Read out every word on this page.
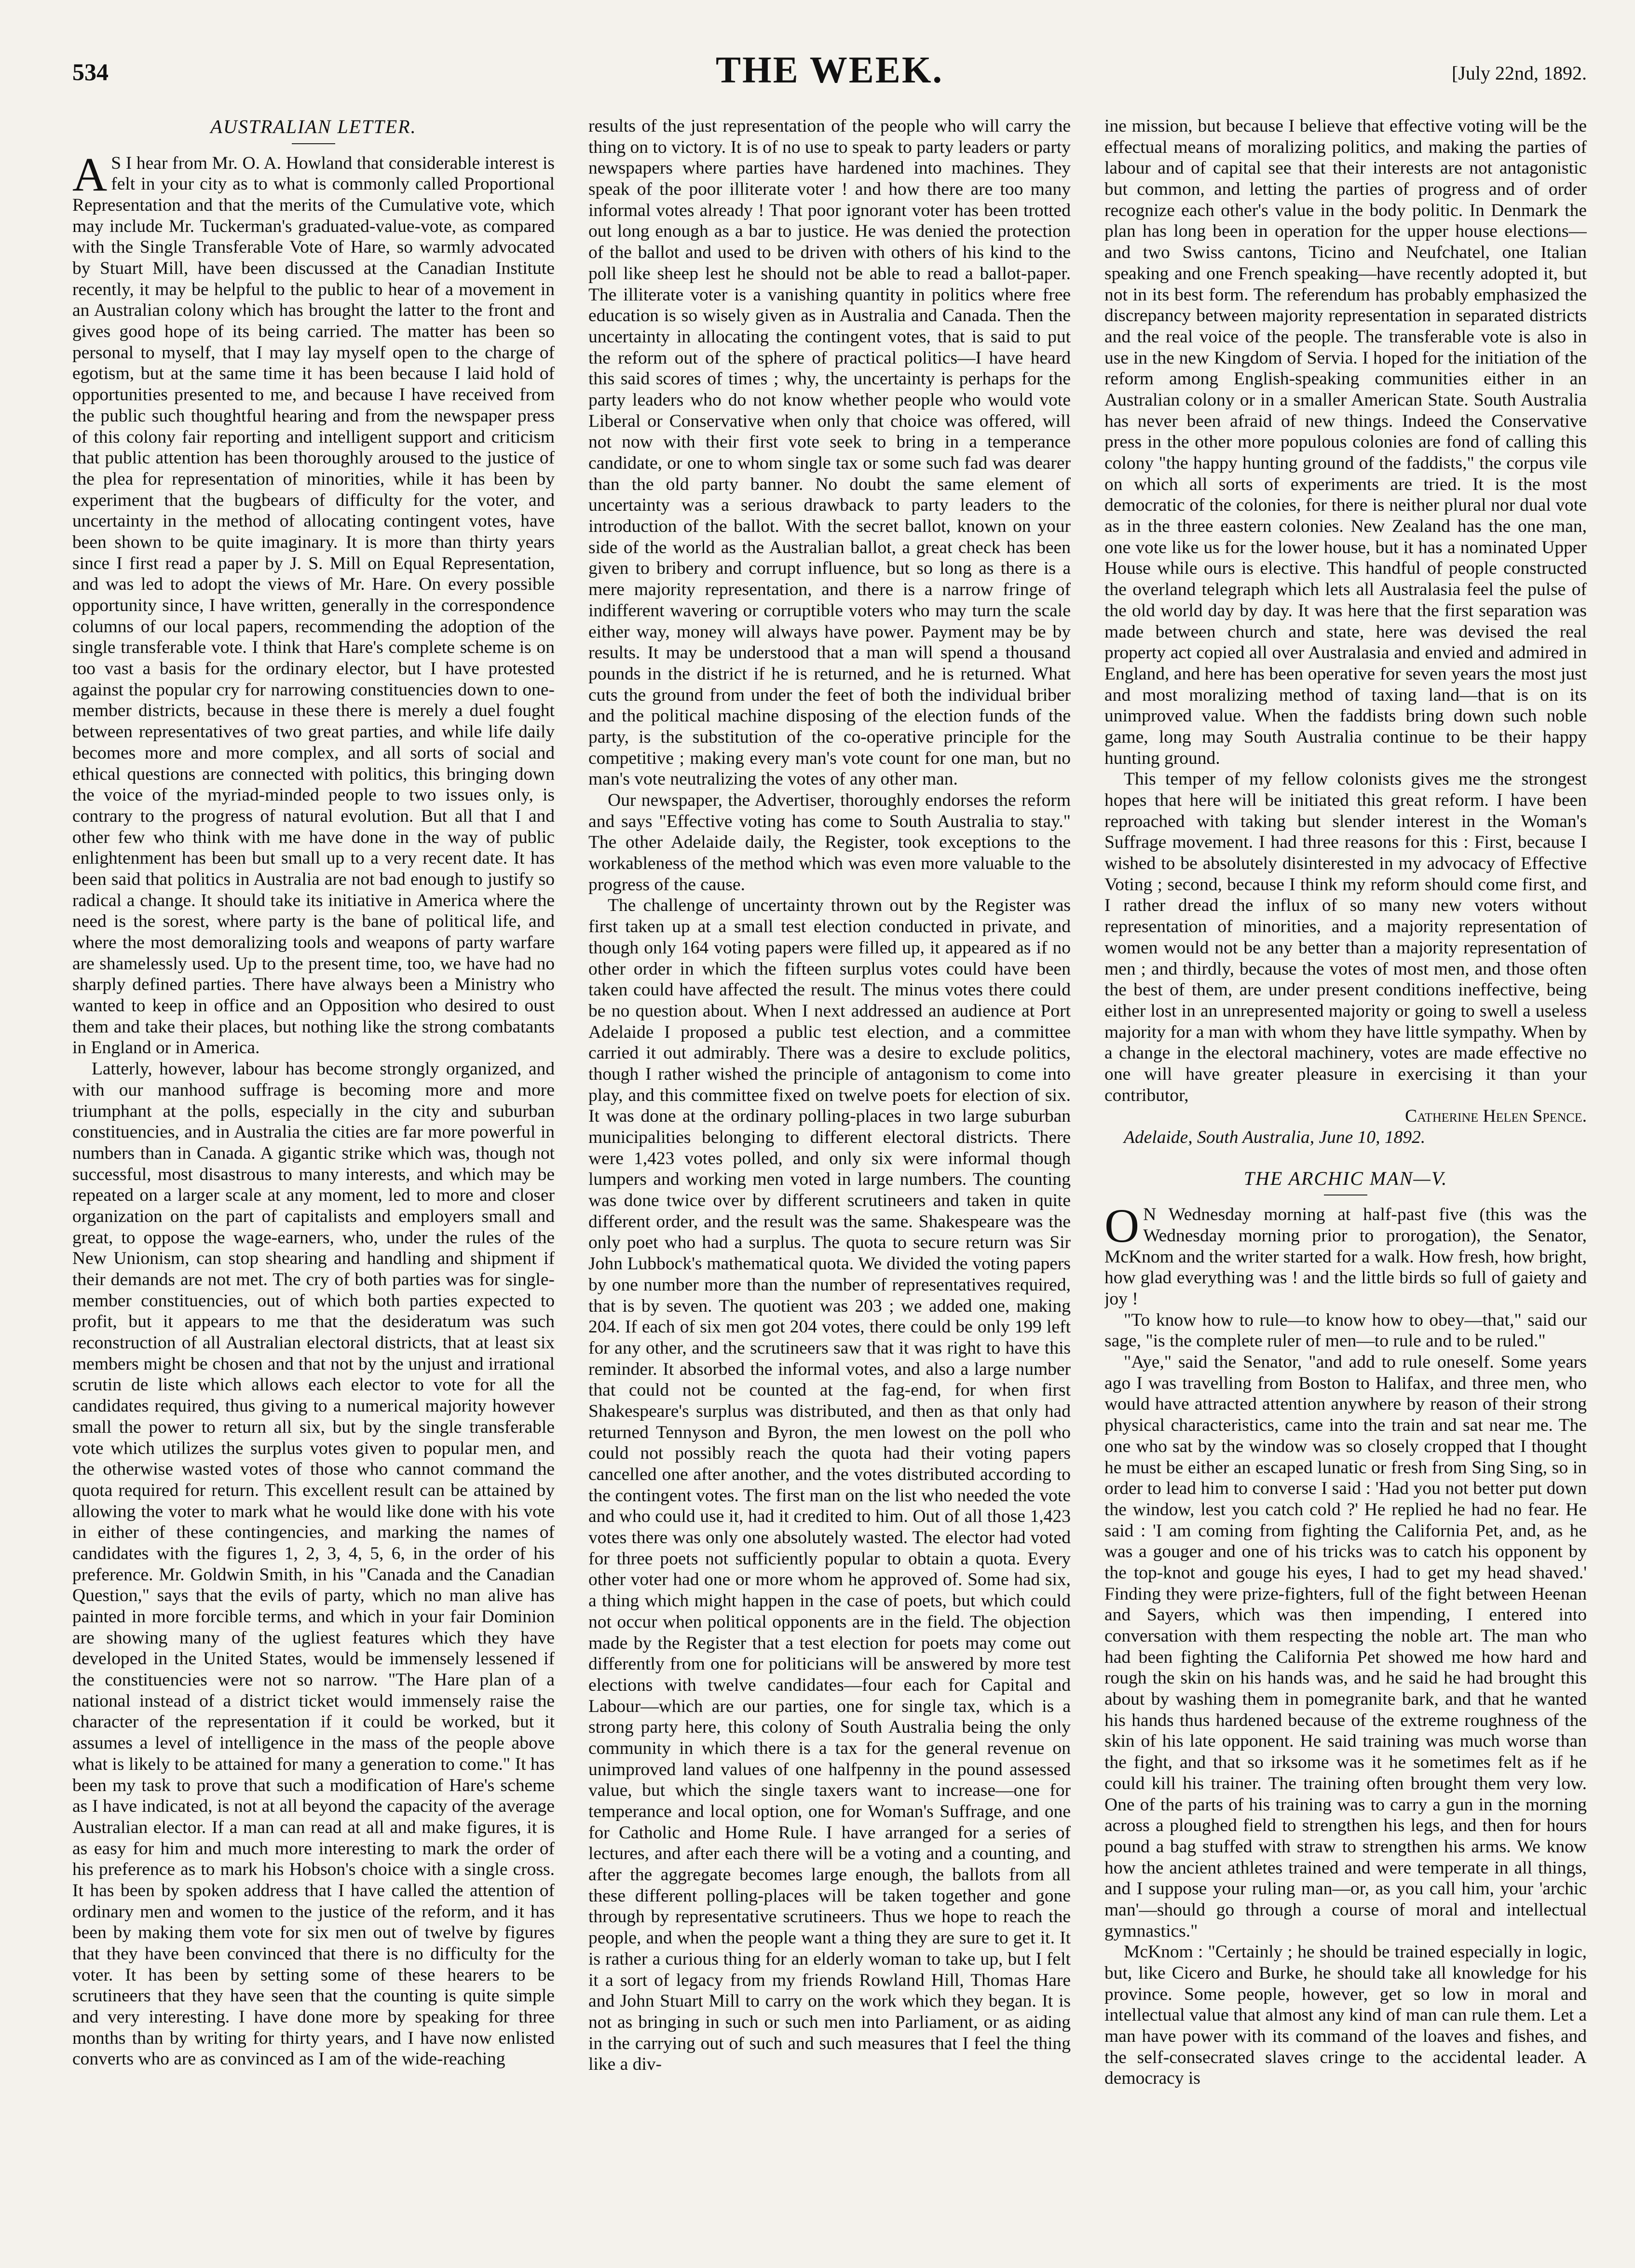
534	THE WEEK.	[July 22nd, 1892.
AUSTRALIAN LETTER.

A S I hear from Mr. O. A. Howland that considerable interest is felt in your city as to what is commonly called Proportional Representation and that the merits of the Cumulative vote, which may include Mr. Tuckerman's graduated-value-vote, as compared with the Single Transferable Vote of Hare, so warmly advocated by Stuart Mill, have been discussed at the Canadian Institute recently, it may be helpful to the public to hear of a movement in an Australian colony which has brought the latter to the front and gives good hope of its being carried. The matter has been so personal to myself, that I may lay myself open to the charge of egotism, but at the same time it has been because I laid hold of opportunities presented to me, and because I have received from the public such thoughtful hearing and from the newspaper press of this colony fair reporting and intelligent support and criticism that public attention has been thoroughly aroused to the justice of the plea for representation of minorities, while it has been by experiment that the bugbears of difficulty for the voter, and uncertainty in the method of allocating contingent votes, have been shown to be quite imaginary. It is more than thirty years since I first read a paper by J. S. Mill on Equal Representation, and was led to adopt the views of Mr. Hare. On every possible opportunity since, I have written, generally in the correspondence columns of our local papers, recommending the adoption of the single transferable vote. I think that Hare's complete scheme is on too vast a basis for the ordinary elector, but I have protested against the popular cry for narrowing constituencies down to one-member districts, because in these there is merely a duel fought between representatives of two great parties, and while life daily becomes more and more complex, and all sorts of social and ethical questions are connected with politics, this bringing down the voice of the myriad-minded people to two issues only, is contrary to the progress of natural evolution. But all that I and other few who think with me have done in the way of public enlightenment has been but small up to a very recent date. It has been said that politics in Australia are not bad enough to justify so radical a change. It should take its initiative in America where the need is the sorest, where party is the bane of political life, and where the most demoralizing tools and weapons of party warfare are shamelessly used. Up to the present time, too, we have had no sharply defined parties. There have always been a Ministry who wanted to keep in office and an Opposition who desired to oust them and take their places, but nothing like the strong combatants in England or in America.

Latterly, however, labour has become strongly organized, and with our manhood suffrage is becoming more and more triumphant at the polls, especially in the city and suburban constituencies, and in Australia the cities are far more powerful in numbers than in Canada. A gigantic strike which was, though not successful, most disastrous to many interests, and which may be repeated on a larger scale at any moment, led to more and closer organization on the part of capitalists and employers small and great, to oppose the wage-earners, who, under the rules of the New Unionism, can stop shearing and handling and shipment if their demands are not met. The cry of both parties was for single-member constituencies, out of which both parties expected to profit, but it appears to me that the desideratum was such reconstruction of all Australian electoral districts, that at least six members might be chosen and that not by the unjust and irrational scrutin de liste which allows each elector to vote for all the candidates required, thus giving to a numerical majority however small the power to return all six, but by the single transferable vote which utilizes the surplus votes given to popular men, and the otherwise wasted votes of those who cannot command the quota required for return. This excellent result can be attained by allowing the voter to mark what he would like done with his vote in either of these contingencies, and marking the names of candidates with the figures 1, 2, 3, 4, 5, 6, in the order of his preference. Mr. Goldwin Smith, in his "Canada and the Canadian Question," says that the evils of party, which no man alive has painted in more forcible terms, and which in your fair Dominion are showing many of the ugliest features which they have developed in the United States, would be immensely lessened if the constituencies were not so narrow. "The Hare plan of a national instead of a district ticket would immensely raise the character of the representation if it could be worked, but it assumes a level of intelligence in the mass of the people above what is likely to be attained for many a generation to come." It has been my task to prove that such a modification of Hare's scheme as I have indicated, is not at all beyond the capacity of the average Australian elector. If a man can read at all and make figures, it is as easy for him and much more interesting to mark the order of his preference as to mark his Hobson's choice with a single cross. It has been by spoken address that I have called the attention of ordinary men and women to the justice of the reform, and it has been by making them vote for six men out of twelve by figures that they have been convinced that there is no difficulty for the voter. It has been by setting some of these hearers to be scrutineers that they have seen that the counting is quite simple and very interesting. I have done more by speaking for three months than by writing for thirty years, and I have now enlisted converts who are as convinced as I am of the wide-reaching

results of the just representation of the people who will carry the thing on to victory. It is of no use to speak to party leaders or party newspapers where parties have hardened into machines. They speak of the poor illiterate voter ! and how there are too many informal votes already ! That poor ignorant voter has been trotted out long enough as a bar to justice. He was denied the protection of the ballot and used to be driven with others of his kind to the poll like sheep lest he should not be able to read a ballot-paper. The illiterate voter is a vanishing quantity in politics where free education is so wisely given as in Australia and Canada. Then the uncertainty in allocating the contingent votes, that is said to put the reform out of the sphere of practical politics—I have heard this said scores of times ; why, the uncertainty is perhaps for the party leaders who do not know whether people who would vote Liberal or Conservative when only that choice was offered, will not now with their first vote seek to bring in a temperance candidate, or one to whom single tax or some such fad was dearer than the old party banner. No doubt the same element of uncertainty was a serious drawback to party leaders to the introduction of the ballot. With the secret ballot, known on your side of the world as the Australian ballot, a great check has been given to bribery and corrupt influence, but so long as there is a mere majority representation, and there is a narrow fringe of indifferent wavering or corruptible voters who may turn the scale either way, money will always have power. Payment may be by results. It may be understood that a man will spend a thousand pounds in the district if he is returned, and he is returned. What cuts the ground from under the feet of both the individual briber and the political machine disposing of the election funds of the party, is the substitution of the co-operative principle for the competitive ; making every man's vote count for one man, but no man's vote neutralizing the votes of any other man.

Our newspaper, the Advertiser, thoroughly endorses the reform and says "Effective voting has come to South Australia to stay." The other Adelaide daily, the Register, took exceptions to the workableness of the method which was even more valuable to the progress of the cause.

The challenge of uncertainty thrown out by the Register was first taken up at a small test election conducted in private, and though only 164 voting papers were filled up, it appeared as if no other order in which the fifteen surplus votes could have been taken could have affected the result. The minus votes there could be no question about. When I next addressed an audience at Port Adelaide I proposed a public test election, and a committee carried it out admirably. There was a desire to exclude politics, though I rather wished the principle of antagonism to come into play, and this committee fixed on twelve poets for election of six. It was done at the ordinary polling-places in two large suburban municipalities belonging to different electoral districts. There were 1,423 votes polled, and only six were informal though lumpers and working men voted in large numbers. The counting was done twice over by different scrutineers and taken in quite different order, and the result was the same. Shakespeare was the only poet who had a surplus. The quota to secure return was Sir John Lubbock's mathematical quota. We divided the voting papers by one number more than the number of representatives required, that is by seven. The quotient was 203 ; we added one, making 204. If each of six men got 204 votes, there could be only 199 left for any other, and the scrutineers saw that it was right to have this reminder. It absorbed the informal votes, and also a large number that could not be counted at the fag-end, for when first Shakespeare's surplus was distributed, and then as that only had returned Tennyson and Byron, the men lowest on the poll who could not possibly reach the quota had their voting papers cancelled one after another, and the votes distributed according to the contingent votes. The first man on the list who needed the vote and who could use it, had it credited to him. Out of all those 1,423 votes there was only one absolutely wasted. The elector had voted for three poets not sufficiently popular to obtain a quota. Every other voter had one or more whom he approved of. Some had six, a thing which might happen in the case of poets, but which could not occur when political opponents are in the field. The objection made by the Register that a test election for poets may come out differently from one for politicians will be answered by more test elections with twelve candidates—four each for Capital and Labour—which are our parties, one for single tax, which is a strong party here, this colony of South Australia being the only community in which there is a tax for the general revenue on unimproved land values of one halfpenny in the pound assessed value, but which the single taxers want to increase—one for temperance and local option, one for Woman's Suffrage, and one for Catholic and Home Rule. I have arranged for a series of lectures, and after each there will be a voting and a counting, and after the aggregate becomes large enough, the ballots from all these different polling-places will be taken together and gone through by representative scrutineers. Thus we hope to reach the people, and when the people want a thing they are sure to get it. It is rather a curious thing for an elderly woman to take up, but I felt it a sort of legacy from my friends Rowland Hill, Thomas Hare and John Stuart Mill to carry on the work which they began. It is not as bringing in such or such men into Parliament, or as aiding in the carrying out of such and such measures that I feel the thing like a div-

ine mission, but because I believe that effective voting will be the effectual means of moralizing politics, and making the parties of labour and of capital see that their interests are not antagonistic but common, and letting the parties of progress and of order recognize each other's value in the body politic. In Denmark the plan has long been in operation for the upper house elections—and two Swiss cantons, Ticino and Neufchatel, one Italian speaking and one French speaking—have recently adopted it, but not in its best form. The referendum has probably emphasized the discrepancy between majority representation in separated districts and the real voice of the people. The transferable vote is also in use in the new Kingdom of Servia. I hoped for the initiation of the reform among English-speaking communities either in an Australian colony or in a smaller American State. South Australia has never been afraid of new things. Indeed the Conservative press in the other more populous colonies are fond of calling this colony "the happy hunting ground of the faddists," the corpus vile on which all sorts of experiments are tried. It is the most democratic of the colonies, for there is neither plural nor dual vote as in the three eastern colonies. New Zealand has the one man, one vote like us for the lower house, but it has a nominated Upper House while ours is elective. This handful of people constructed the overland telegraph which lets all Australasia feel the pulse of the old world day by day. It was here that the first separation was made between church and state, here was devised the real property act copied all over Australasia and envied and admired in England, and here has been operative for seven years the most just and most moralizing method of taxing land—that is on its unimproved value. When the faddists bring down such noble game, long may South Australia continue to be their happy hunting ground.

This temper of my fellow colonists gives me the strongest hopes that here will be initiated this great reform. I have been reproached with taking but slender interest in the Woman's Suffrage movement. I had three reasons for this : First, because I wished to be absolutely disinterested in my advocacy of Effective Voting ; second, because I think my reform should come first, and I rather dread the influx of so many new voters without representation of minorities, and a majority representation of women would not be any better than a majority representation of men ; and thirdly, because the votes of most men, and those often the best of them, are under present conditions ineffective, being either lost in an unrepresented majority or going to swell a useless majority for a man with whom they have little sympathy. When by a change in the electoral machinery, votes are made effective no one will have greater pleasure in exercising it than your contributor,

Catherine Helen Spence.

Adelaide, South Australia, June 10, 1892.

THE ARCHIC MAN—V.

O N Wednesday morning at half-past five (this was the Wednesday morning prior to prorogation), the Senator, McKnom and the writer started for a walk. How fresh, how bright, how glad everything was ! and the little birds so full of gaiety and joy !

"To know how to rule—to know how to obey—that," said our sage, "is the complete ruler of men—to rule and to be ruled."

"Aye," said the Senator, "and add to rule oneself. Some years ago I was travelling from Boston to Halifax, and three men, who would have attracted attention anywhere by reason of their strong physical characteristics, came into the train and sat near me. The one who sat by the window was so closely cropped that I thought he must be either an escaped lunatic or fresh from Sing Sing, so in order to lead him to converse I said : 'Had you not better put down the window, lest you catch cold ?' He replied he had no fear. He said : 'I am coming from fighting the California Pet, and, as he was a gouger and one of his tricks was to catch his opponent by the top-knot and gouge his eyes, I had to get my head shaved.' Finding they were prize-fighters, full of the fight between Heenan and Sayers, which was then impending, I entered into conversation with them respecting the noble art. The man who had been fighting the California Pet showed me how hard and rough the skin on his hands was, and he said he had brought this about by washing them in pomegranite bark, and that he wanted his hands thus hardened because of the extreme roughness of the skin of his late opponent. He said training was much worse than the fight, and that so irksome was it he sometimes felt as if he could kill his trainer. The training often brought them very low. One of the parts of his training was to carry a gun in the morning across a ploughed field to strengthen his legs, and then for hours pound a bag stuffed with straw to strengthen his arms. We know how the ancient athletes trained and were temperate in all things, and I suppose your ruling man—or, as you call him, your 'archic man'—should go through a course of moral and intellectual gymnastics."

McKnom : "Certainly ; he should be trained especially in logic, but, like Cicero and Burke, he should take all knowledge for his province. Some people, however, get so low in moral and intellectual value that almost any kind of man can rule them. Let a man have power with its command of the loaves and fishes, and the self-consecrated slaves cringe to the accidental leader. A democracy is
